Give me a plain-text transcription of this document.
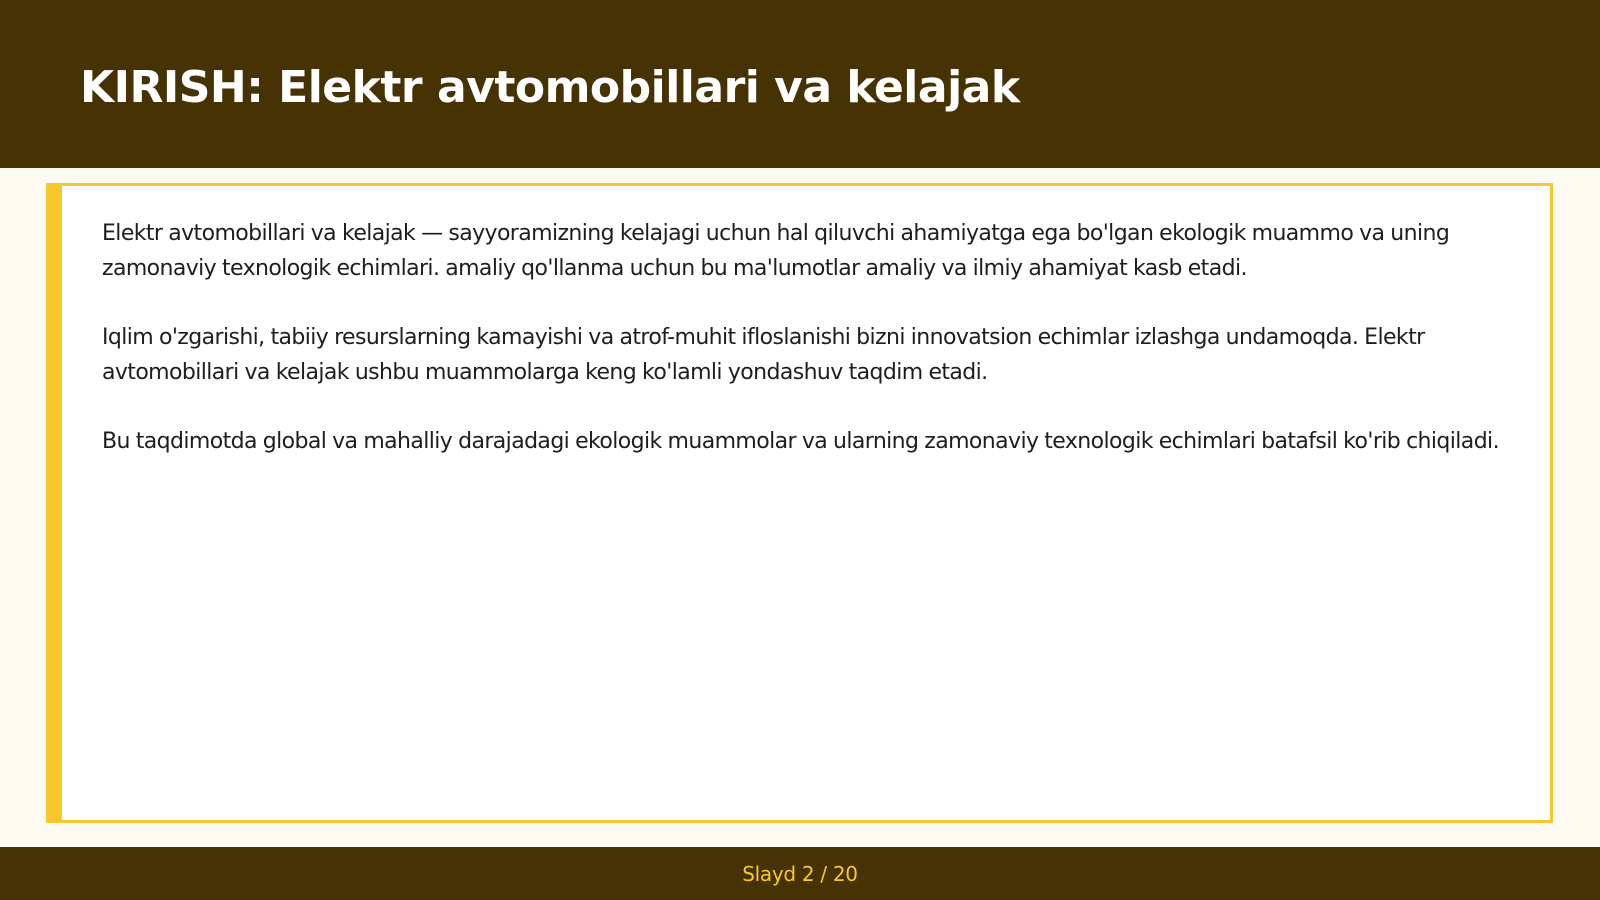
KIRISH: Elektr avtomobillari va kelajak

Elektr avtomobillari va kelajak — sayyoramizning kelajagi uchun hal qiluvchi ahamiyatga ega bo'lgan ekologik muammo va uning zamonaviy texnologik echimlari. amaliy qo'llanma uchun bu ma'lumotlar amaliy va ilmiy ahamiyat kasb etadi.

Iqlim o'zgarishi, tabiiy resurslarning kamayishi va atrof-muhit ifloslanishi bizni innovatsion echimlar izlashga undamoqda. Elektr avtomobillari va kelajak ushbu muammolarga keng ko'lamli yondashuv taqdim etadi.

Bu taqdimotda global va mahalliy darajadagi ekologik muammolar va ularning zamonaviy texnologik echimlari batafsil ko'rib chiqiladi.

Slayd 2 / 20
